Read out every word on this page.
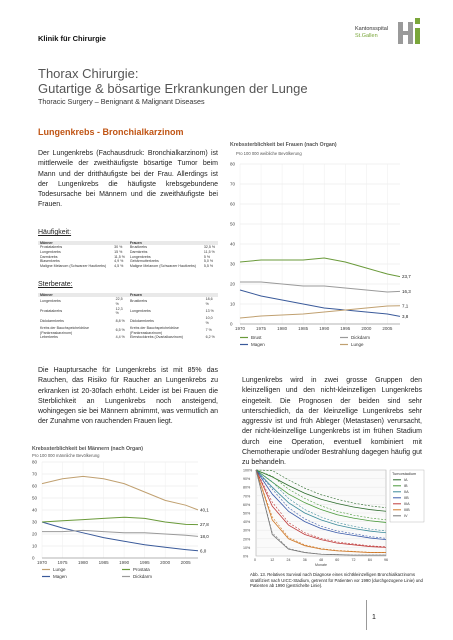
Klinik für Chirurgie
Kantonsspital
St.Gallen
Thorax Chirurgie:
Gutartige & bösartige Erkrankungen der Lunge
Thoracic Surgery – Benignant & Malignant Diseases
Lungenkrebs - Bronchialkarzinom
Der Lungenkrebs (Fachausdruck: Bronchialkarzinom) ist mittlerweile der zweithäufigste bösartige Tumor beim Mann und der dritthäufigste bei der Frau. Allerdings ist der Lungenkrebs die häufigste krebsgebundene Todesursache bei Männern und die zweithäufigste bei Frauen.
Häufigkeit:
Männer		Frauen	
Prostatakrebs	30 %	Brustkrebs	32,5 %
Lungenkrebs	15 %	Darmkrebs	11,5 %
Darmkrebs	11,5 %	Lungenkrebs	5 %
Blasenkrebs	4,9 %	Gebärmutterkrebs	5,0 %
Maligne Melanom (Schwarzer Hautkrebs)	4,5 %	Maligne Melanom (Schwarzer Hautkrebs)	5,5 %
Sterberate:
Männer		Frauen	
Lungenkrebs	22,5 %	Brustkrebs	18,6 %
Prostatakrebs	12,3 %	Lungenkrebs	13 %
Dickdarmkrebs	8,8 %	Dickdarmkrebs	10,0 %
Krebs der Bauchspeicheldrüse (Pankreaskarzinom)	6,5 %	Krebs der Bauchspeicheldrüse (Pankreaskarzinom)	7 %
Leberkrebs	4,4 %	Eierstockkrebs (Ovarialkarzinom)	6,2 %
Die Hauptursache für Lungenkrebs ist mit 85% das Rauchen, das Risiko für Raucher an Lungenkrebs zu erkranken ist 20-30fach erhöht. Leider ist bei Frauen die Sterblichkeit an Lungenkrebs noch ansteigend, wohingegen sie bei Männern abnimmt, was vermutlich an der Zunahme von rauchenden Frauen liegt.
Lungenkrebs wird in zwei grosse Gruppen den kleinzelligen und den nicht-kleinzelligen Lungenkrebs eingeteilt. Die Prognosen der beiden sind sehr unterschiedlich, da der kleinzellige Lungenkrebs sehr aggressiv ist und früh Ableger (Metastasen) verursacht, der nicht-kleinzellige Lungenkrebs ist im frühen Stadium durch eine Operation, eventuell kombiniert mit Chemotherapie und/oder Bestrahlung dagegen häufig gut zu behandeln.
Krebssterblichkeit bei Frauen (nach Organ)
Pro 100 000 weibliche Bevölkerung
0
10
20
30
40
50
60
70
80
1970 1975 1980 1985 1990 1995 2000 2005
23,7
16,3
7,1
3,8
Brust
Magen
Dickdarm
Lunge
Krebssterblichkeit bei Männern (nach Organ)
Pro 100 000 männliche Bevölkerung
0
10
20
30
40
50
60
70
80
1970 1975 1980 1985 1990 1995 2000 2005
40,1
27,8
18,0
6,0
Lunge
Magen
Prostata
Dickdarm
0%
10%
20%
30%
40%
50%
60%
70%
80%
90%
100%
0	12	24	36	48	60	72	84	96
Monate
Tumorstadium
IA
IB
IIA
IIB
IIIA
IIIB
IV
Abb. 13. Relatives Survival nach Diagnose eines nichtkleinzelligen Bronchialkarzinoms stratifiziert nach UICC-Stadium, getrennt für Patienten vor 1990 (durchgezogene Linie) und Patienten ab 1990 (gestrichelte Linie).
1
